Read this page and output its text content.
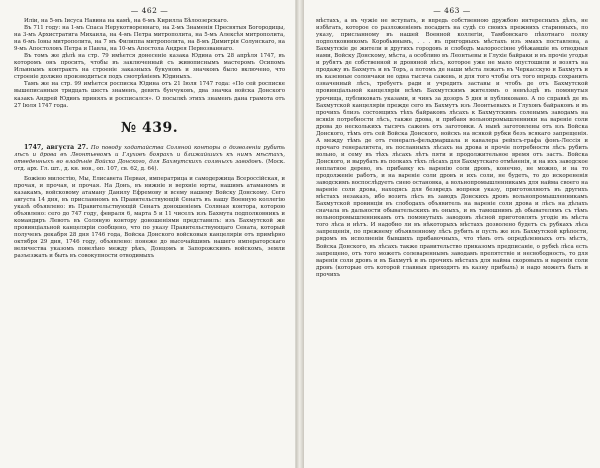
— 462 —

Илiи, на 5-мъ Iисуса Навина на камѣ, на 6-мъ Кирилла Бѣлоозерскаго.

Въ 711 году: на 1-мъ Спаса Нерукотвореннаго, на 2-мъ Знаменiя Пресвятыя Богородицы, на 3-мъ Архистратига Михаила, на 4-мъ Петра митрополита, на 5-мъ Алексѣя митрополита, на 6-мъ Iоны митрополита, на 7 мъ Филиппа митрополита, на 8-мъ Димитрiя Солунскаго, на 9-мъ Апостоловъ Петра и Павла, на 10-мъ Апостола Андрея Первозваннаго.

Въ томъ же дѣлѣ на стр. 79 имѣется донесенiе казака Юдина отъ 28 апрѣля 1747, въ которомъ онъ проситъ, чтобы въ заключенный съ живописнымъ мастеромъ Осипомъ Ильинымъ контрактъ на строенiе заказныхъ букуновъ и значковъ было включено, что строенiе должно производиться подъ смотрѣнiемъ Юдиныхъ.

Тамъ же на стр. 99 имѣется росписка Юдина отъ 21 Iюля 1747 года: «По сей росписке вышеписанныя тридцать шесть знаменъ, девять бунчуковъ, два значка войска Донского казакъ Андрей Юдинъ принялъ и росписался». О посылкѣ этихъ знаменъ дана грамота отъ 27 Iюля 1747 года.

№ 439.
1747, августа 27. По поводу ходатайства Соляной конторы о дозволенiи рубить лѣсъ и дрова въ Леонтьевомъ и Глуховъ боярахъ и ближайшихъ къ нимъ мѣстахъ, отведенныхъ во владѣнiе Войска Донского, для Бахмутскихъ соляныхъ заводовъ. (Моск. отд. арх. Гл. шт., д. кн. нов., оп. 107, св. 62, д. 64).

Божiею милостiю, Мы, Елисавета Первая, императрица и самодержица Всероссiйская, и прочая, и прочая, и прочая. На Донъ, въ нижнiе и верхнiе юрты, нашимъ атаманомъ и казакамъ, войсковому атаману Данилу Ефремову и всему нашему Войску Донскому. Сего августа 14 дня, въ присланномъ въ Правительствующiй Сенатъ въ нашу Военную коллегiю указѣ объявлено: въ Правительствующiй Сенатъ доношенiемъ Соляная контора, которою объявлено: сего до 747 году, февраля 6, марта 5 и 11 чиселъ изъ Бахмута подполковникъ и командиръ Левотъ въ Соляную контору доношенiями представилъ: изъ Бахмутской же провинцiальной канцелярiи сообщено, что по указу Правительствующаго Сената, который полученъ декабря 28 дня 1746 года, Войска Донского войсковыя канцелярiи отъ примѣрно октября 29 дня, 1746 году, объявлено: понеже до высочайшимъ нашего императорскаго величества указомъ повелѣно между рѣкъ, Донцомъ и Запорожскимъ войскомъ, земли разъезжать и быть въ совокупности отводимыхъ

— 463 —

мѣстахъ, а въ чужiе не вступать, и впредь собственною дружбою интересныхъ дѣлъ, не избѣгать, которое со разложенiемъ посадить на судѣ со своихъ прежнихъ старинныхъ, по указу, присланному въ нашей Военной коллегiи, Тамбовскаго пѣхотнаго полку подполковникомъ Коробьинымъ, . . . въ пригодныхъ мѣстахъ изъ ямахъ поставлена, а Бахмутскiе де жители и другихъ городовъ и слободъ малороссiяне убѣжавшiе въ отводныя нами, Войску Донскому, мѣста, а особливо въ Леонтьевы и Глухiе байраки и въ прочiе угодья и рубятъ де собственной и дровяной лѣсъ, которое уже не мало опустошили и возятъ на продажу въ Бахмутъ и въ Торъ, а потомъ де наши мѣста лежатъ въ Черкасскую и Бахмутъ и въ казенные солончаки не одна тысяча сажень, и для того чтобы отъ того впредь сохранить означенный лѣсъ, требуетъ ради и учредить заставы и чтобъ де отъ Бахмутской провинцiальной канцелярiи всѣмъ Бахмутскимъ жителямъ о невъѣздѣ въ помянутыя урочища, публиковать указами, и чинъ за дозоръ 5 дня и публиковано. А по справкѣ де въ Бахмутской канцелярiи прежде сего въ Бахмутъ изъ Леонтьевыхъ и Глуховъ байраковъ и въ прочихъ близъ состоящихъ тѣхъ байраковъ лѣсахъ к Бахмутскимъ соленымъ заводамъ на всякiя потребности лѣсъ, также дрова, и прибавя вольнопромышленники на варенiе соли дрова до несколькихъ тысячъ саженъ отъ заготовки. А нынѣ заготовлены отъ взъ Войска Донского, тѣмъ отъ сей Войска Донского, войскъ на всякой рубки безъ всякаго запрещенiя. А между тѣмъ де отъ генералъ-фельдмаршала и кавалера рейхсъ-графа фонъ-Лессiя и прочаго генералитета, въ посланныхъ лѣсахъ на дрова и прочiе потребности лѣсъ рубить вольно, и сему въ тѣхъ лѣсахъ лѣтъ пяти и продолжительное время отъ застъ. Войска Донского, и вырубать въ полкахъ тѣхъ лѣсахъ для Бахмутскаго отмѣненiя, и на ихъ заводское неплатное дерево, въ прибавку къ варенiю соли дровъ, конечно, не можно, и на то продолженiе работъ, и на варенiе соли дровъ и ихъ соли, не будетъ, то до искорененiя заводскимъ воспослѣдуетъ сиею остановка, а вольнопромышленникамъ для найма своего на варенiе соли дрова, находясь для безвредъ вопреки указу, приготовляютъ въ другихъ мѣстахъ незаказъ, ибо возить лѣсъ въ заводъ Донскихъ дровъ вольнопромышленникамъ Бахмутской провинцiи въ слободахъ объявитель на варенiе соли дрова и лѣсъ на дѣлахъ сначала въ дальности обывательскихъ въ оныхъ, и въ тамошнимъ дѣ обывателямъ съ тѣмъ вольнопромышленникамъ отъ помянутыхъ заводовъ лѣсной приготовлять угодiе въ мѣста того лѣса и нѣтъ. И надобно ли въ нѣкоторыхъ мѣстахъ дозволено будетъ съ рубкахъ лѣса запрещенiя, по прежнему объявленному лѣсъ рубить и пусть же изъ Бахмутской крѣпости, рядомъ въ исполненiи бывшихъ прибавочныхъ, что тѣмъ отъ опредѣленныхъ отъ мѣстъ, Войска Донского, въ лѣсахъ также правительство приказомъ предписанiе, о рубкѣ лѣса есть запрещено, отъ того можетъ солевареннымъ заводамъ препятствiе и несвободность, то для варенiя соли дровъ и въ Бахмутѣ и въ прочихъ мѣстахъ для найма скоровыхъ и варенiя соли дровъ (которые отъ которой главныя приходятъ въ казну прибыль) и надо можетъ быть и прочихъ
